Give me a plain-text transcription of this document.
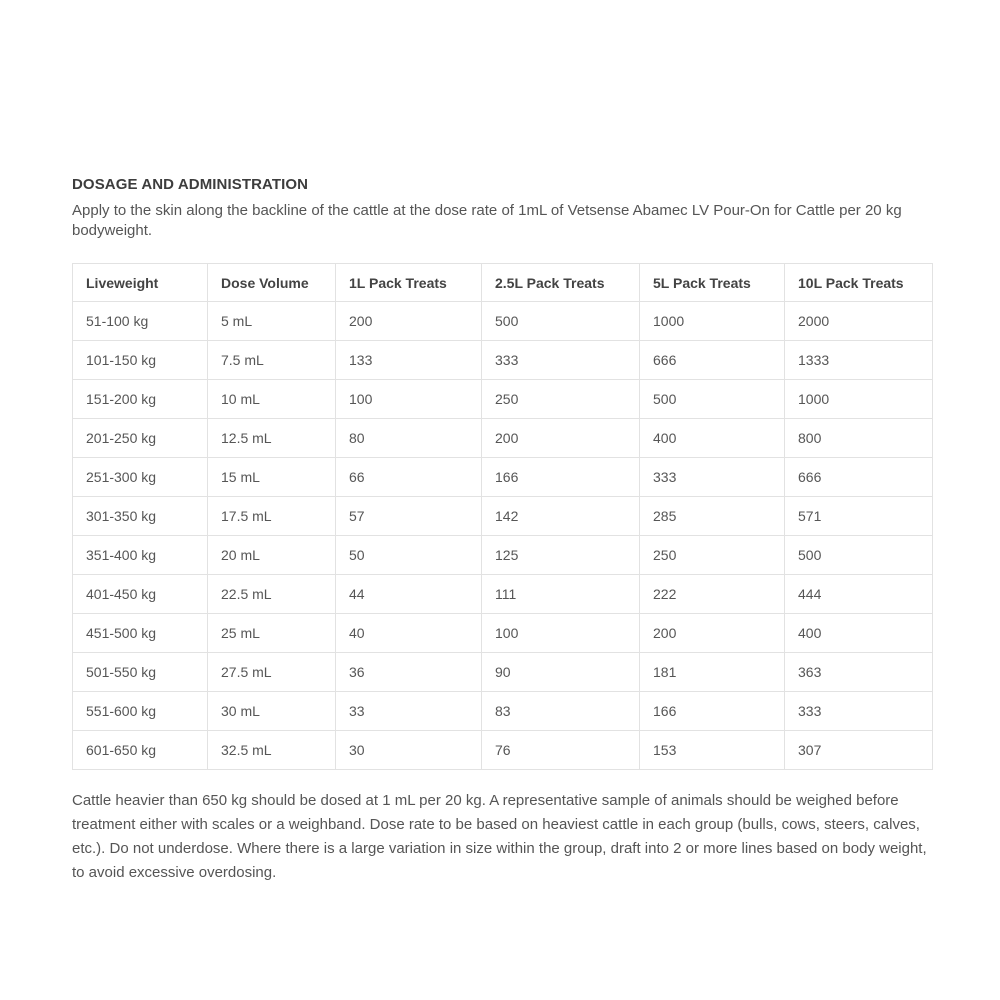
DOSAGE AND ADMINISTRATION

Apply to the skin along the backline of the cattle at the dose rate of 1mL of Vetsense Abamec LV Pour-On for Cattle per 20 kg bodyweight.

Liveweight	Dose Volume	1L Pack Treats	2.5L Pack Treats	5L Pack Treats	10L Pack Treats
51-100 kg	5 mL	200	500	1000	2000
101-150 kg	7.5 mL	133	333	666	1333
151-200 kg	10 mL	100	250	500	1000
201-250 kg	12.5 mL	80	200	400	800
251-300 kg	15 mL	66	166	333	666
301-350 kg	17.5 mL	57	142	285	571
351-400 kg	20 mL	50	125	250	500
401-450 kg	22.5 mL	44	111	222	444
451-500 kg	25 mL	40	100	200	400
501-550 kg	27.5 mL	36	90	181	363
551-600 kg	30 mL	33	83	166	333
601-650 kg	32.5 mL	30	76	153	307

Cattle heavier than 650 kg should be dosed at 1 mL per 20 kg. A representative sample of animals should be weighed before treatment either with scales or a weighband. Dose rate to be based on heaviest cattle in each group (bulls, cows, steers, calves, etc.). Do not underdose. Where there is a large variation in size within the group, draft into 2 or more lines based on body weight, to avoid excessive overdosing.
